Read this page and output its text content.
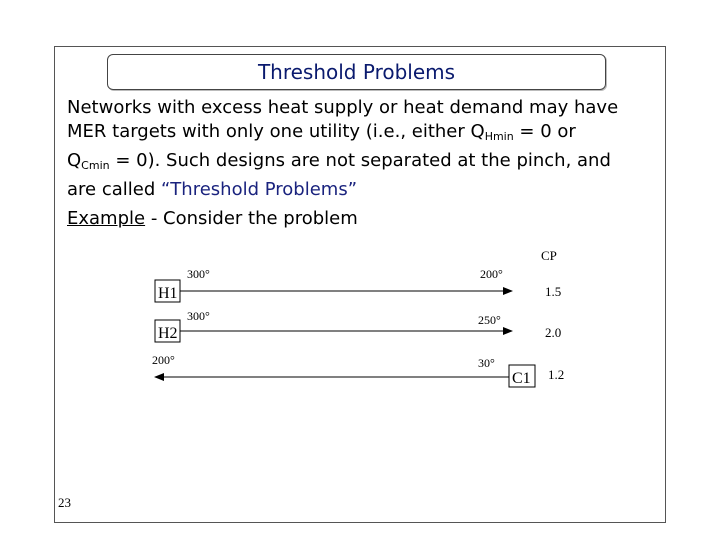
Threshold Problems
Networks with excess heat supply or heat demand may have
MER targets with only one utility (i.e., either $Q_{Hmin} = 0$ or
$Q_{Cmin} = 0$). Such designs are not separated at the pinch, and
are called “Threshold Problems”
Example - Consider the problem
CP
H1
300°	200°
1.5
H2
300°	250°
2.0
C1
30°
200°
1.2
23
